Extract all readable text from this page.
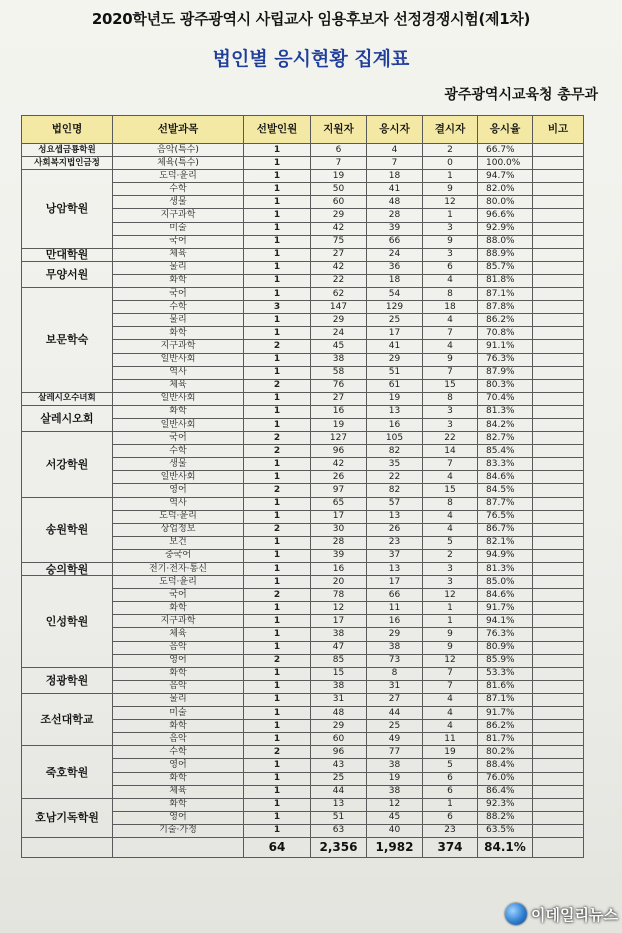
2020학년도 광주광역시 사립교사 임용후보자 선정경쟁시험(제1차)
법인별 응시현황 집계표
광주광역시교육청 총무과
법인명	선발과목	선발인원	지원자	응시자	결시자	응시율	비고
성요셉금룡학원	음악(특수)	1	6	4	2	66.7%	
사회복지법인금정	체육(특수)	1	7	7	0	100.0%	
낭암학원	도덕·윤리	1	19	18	1	94.7%	
	수학	1	50	41	9	82.0%	
	생물	1	60	48	12	80.0%	
	지구과학	1	29	28	1	96.6%	
	미술	1	42	39	3	92.9%	
	국어	1	75	66	9	88.0%	
만대학원	체육	1	27	24	3	88.9%	
무양서원	물리	1	42	36	6	85.7%	
	화학	1	22	18	4	81.8%	
보문학숙	국어	1	62	54	8	87.1%	
	수학	3	147	129	18	87.8%	
	물리	1	29	25	4	86.2%	
	화학	1	24	17	7	70.8%	
	지구과학	2	45	41	4	91.1%	
	일반사회	1	38	29	9	76.3%	
	역사	1	58	51	7	87.9%	
	체육	2	76	61	15	80.3%	
살레시오수녀회	일반사회	1	27	19	8	70.4%	
살레시오회	화학	1	16	13	3	81.3%	
	일반사회	1	19	16	3	84.2%	
서강학원	국어	2	127	105	22	82.7%	
	수학	2	96	82	14	85.4%	
	생물	1	42	35	7	83.3%	
	일반사회	1	26	22	4	84.6%	
	영어	2	97	82	15	84.5%	
송원학원	역사	1	65	57	8	87.7%	
	도덕·윤리	1	17	13	4	76.5%	
	상업정보	2	30	26	4	86.7%	
	보건	1	28	23	5	82.1%	
	중국어	1	39	37	2	94.9%	
숭의학원	전기·전자·통신	1	16	13	3	81.3%	
인성학원	도덕·윤리	1	20	17	3	85.0%	
	국어	2	78	66	12	84.6%	
	화학	1	12	11	1	91.7%	
	지구과학	1	17	16	1	94.1%	
	체육	1	38	29	9	76.3%	
	음악	1	47	38	9	80.9%	
	영어	2	85	73	12	85.9%	
정광학원	화학	1	15	8	7	53.3%	
	음악	1	38	31	7	81.6%	
조선대학교	물리	1	31	27	4	87.1%	
	미술	1	48	44	4	91.7%	
	화학	1	29	25	4	86.2%	
	음악	1	60	49	11	81.7%	
죽호학원	수학	2	96	77	19	80.2%	
	영어	1	43	38	5	88.4%	
	화학	1	25	19	6	76.0%	
	체육	1	44	38	6	86.4%	
호남기독학원	화학	1	13	12	1	92.3%	
	영어	1	51	45	6	88.2%	
	기술·가정	1	63	40	23	63.5%	
		64	2,356	1,982	374	84.1%	
이데일리뉴스
